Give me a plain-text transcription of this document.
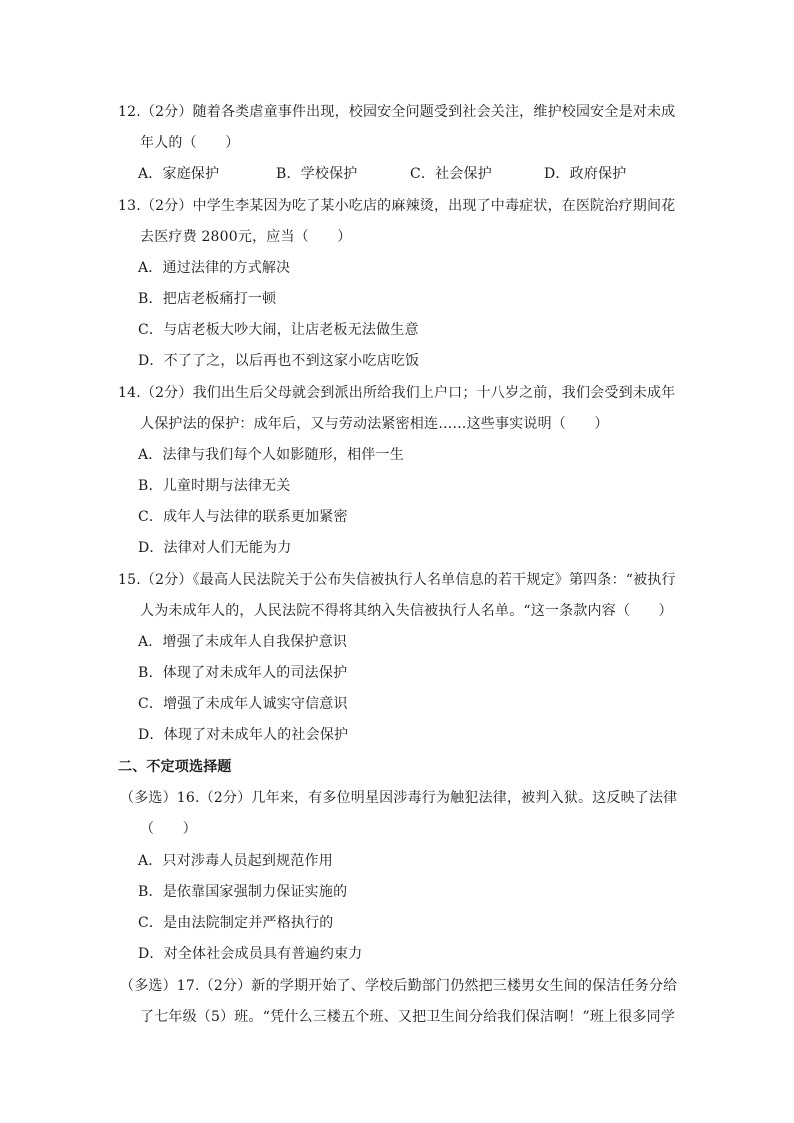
12.（2分）随着各类虐童事件出现，校园安全问题受到社会关注，维护校园安全是对未成
年人的（　　）
A．家庭保护	B．学校保护	C．社会保护	D．政府保护
13.（2分）中学生李某因为吃了某小吃店的麻辣烫，出现了中毒症状，在医院治疗期间花
去医疗费 2800元，应当（　　）
A．通过法律的方式解决
B．把店老板痛打一顿
C．与店老板大吵大闹，让店老板无法做生意
D．不了了之，以后再也不到这家小吃店吃饭
14.（2分）我们出生后父母就会到派出所给我们上户口；十八岁之前，我们会受到未成年
人保护法的保护：成年后，又与劳动法紧密相连……这些事实说明（　　）
A．法律与我们每个人如影随形，相伴一生
B．儿童时期与法律无关
C．成年人与法律的联系更加紧密
D．法律对人们无能为力
15.（2分）《最高人民法院关于公布失信被执行人名单信息的若干规定》第四条：“被执行
人为未成年人的，人民法院不得将其纳入失信被执行人名单。“这一条款内容（　　）
A．增强了未成年人自我保护意识
B．体现了对未成年人的司法保护
C．增强了未成年人诚实守信意识
D．体现了对未成年人的社会保护
二、不定项选择题
（多选）16.（2分）几年来，有多位明星因涉毒行为触犯法律，被判入狱。这反映了法律
（　　）
A．只对涉毒人员起到规范作用
B．是依靠国家强制力保证实施的
C．是由法院制定并严格执行的
D．对全体社会成员具有普遍约束力
（多选）17.（2分）新的学期开始了、学校后勤部门仍然把三楼男女生间的保洁任务分给
了七年级（5）班。“凭什么三楼五个班、又把卫生间分给我们保洁啊！”班上很多同学
